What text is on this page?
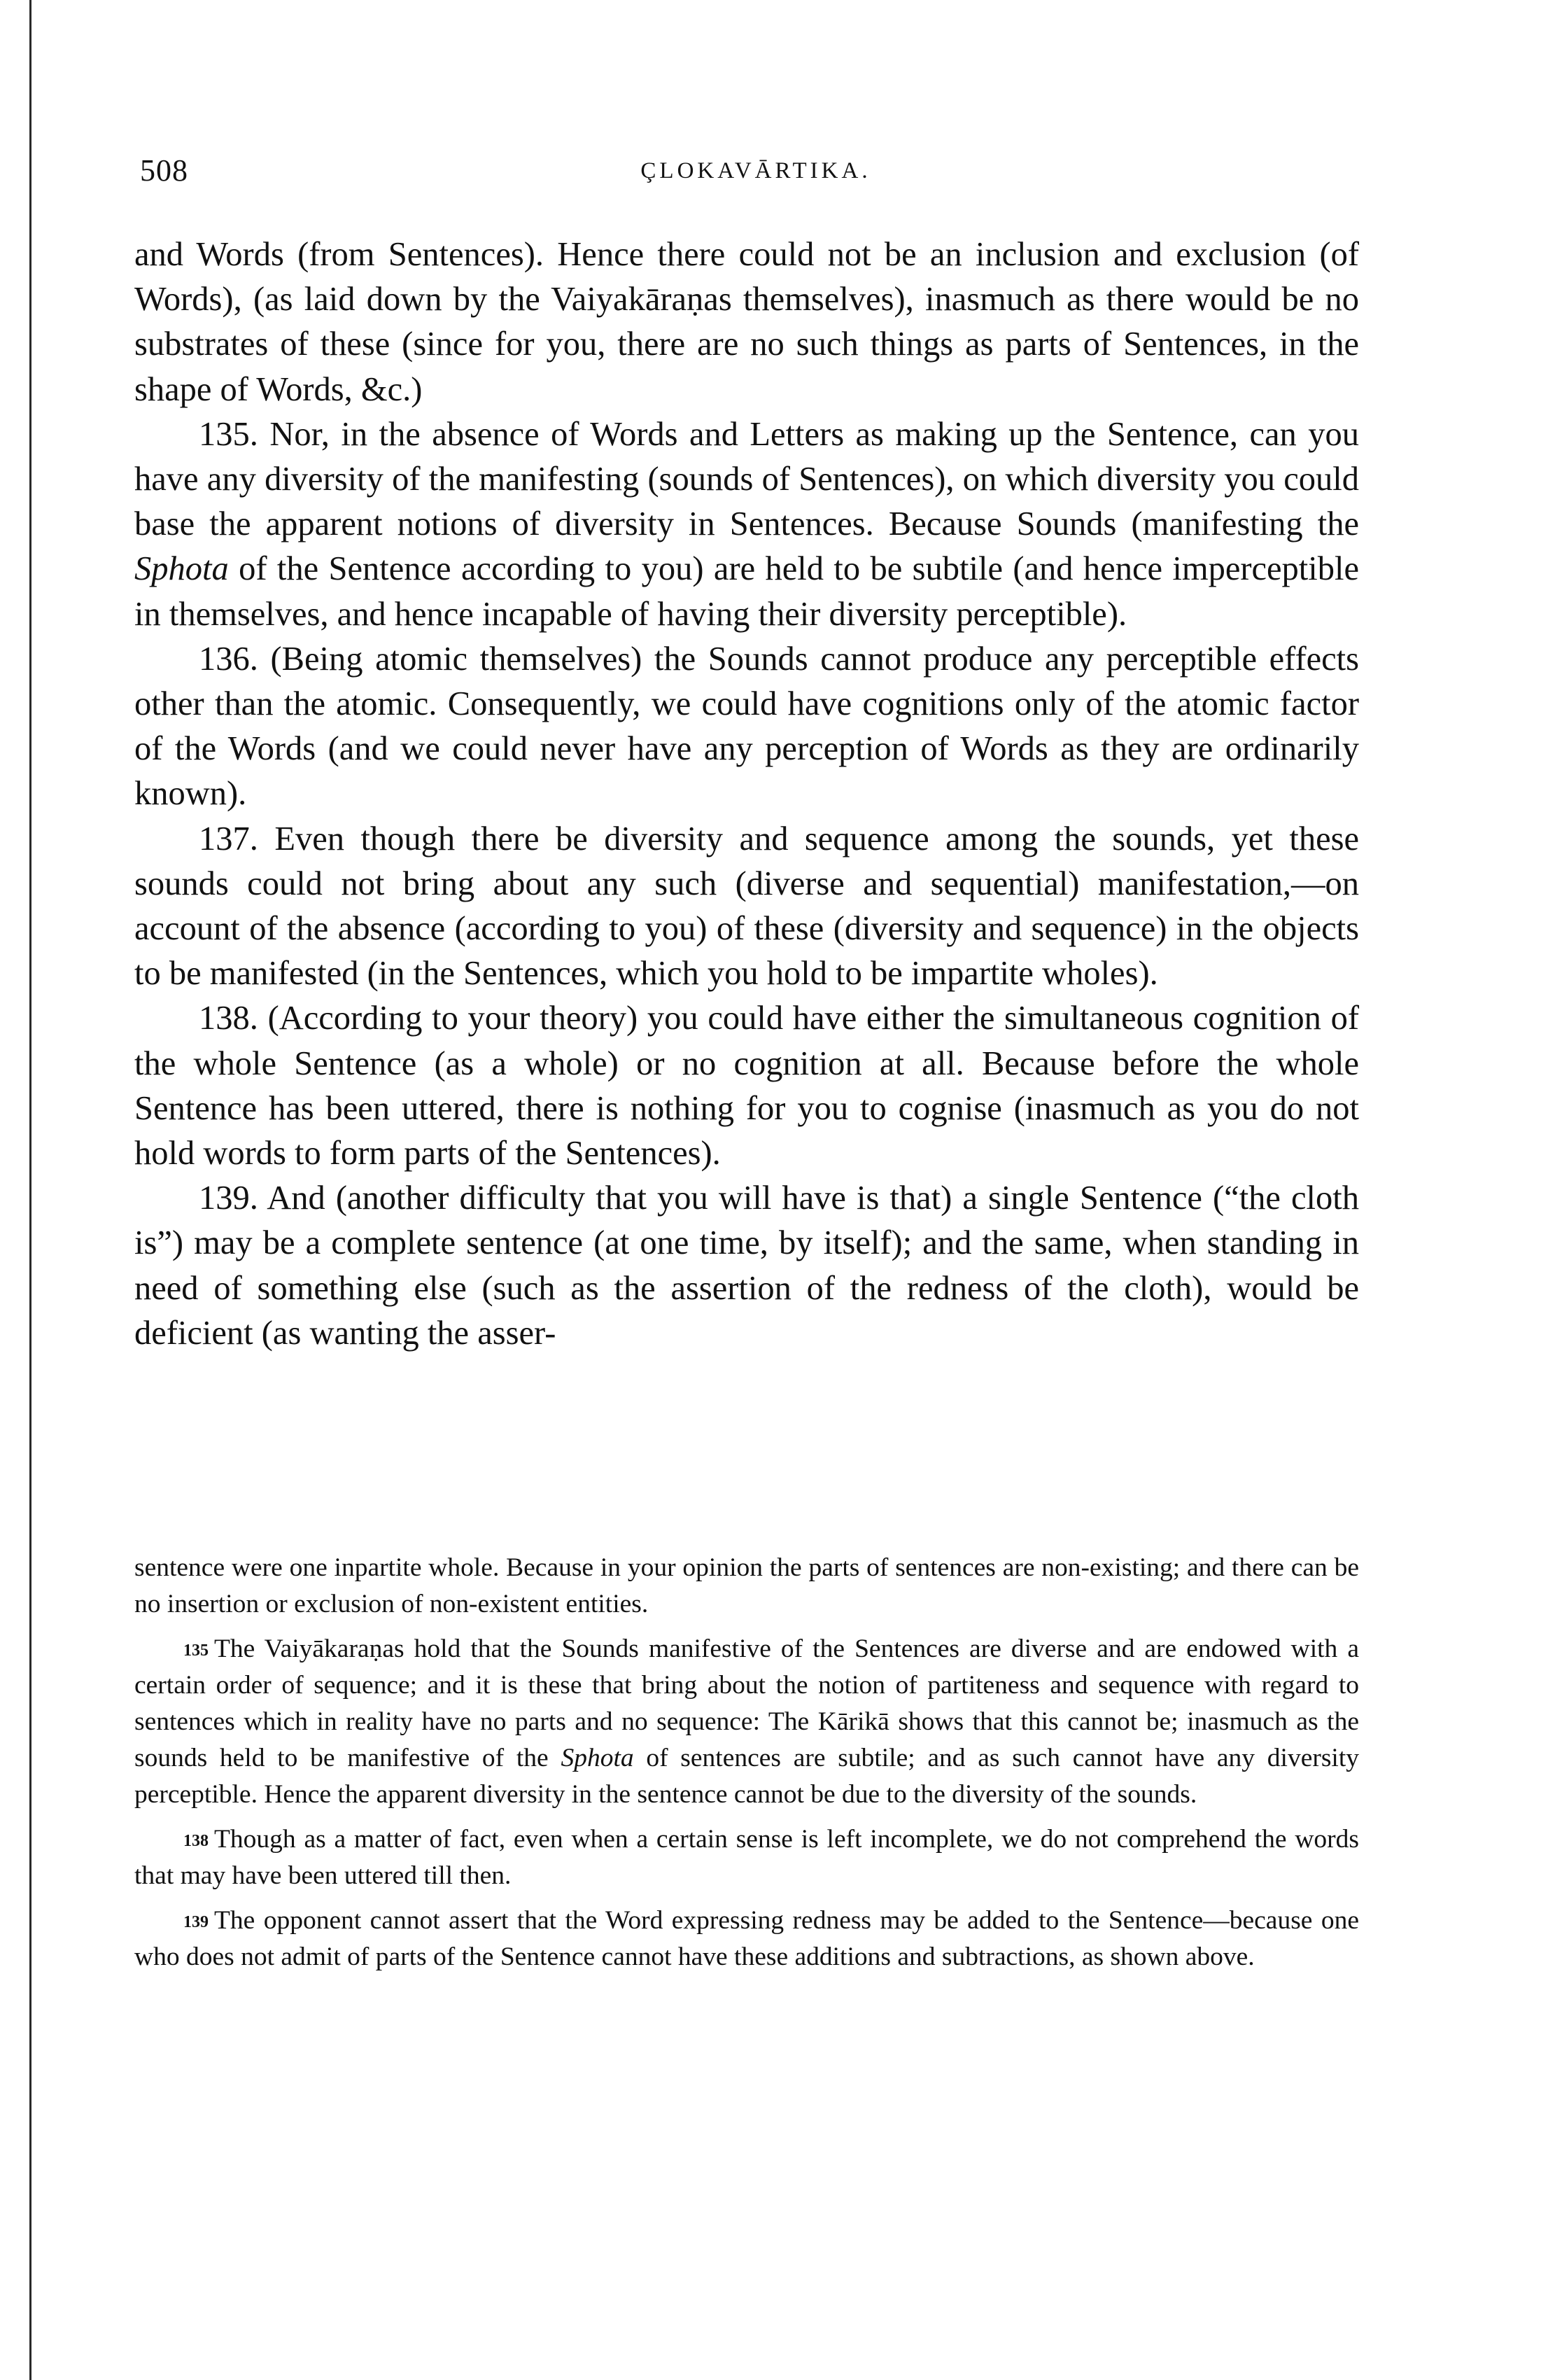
508	ÇLOKAVĀRTIKA.

and Words (from Sentences). Hence there could not be an inclusion and exclusion (of Words), (as laid down by the Vaiyakāraṇas themselves), inasmuch as there would be no substrates of these (since for you, there are no such things as parts of Sentences, in the shape of Words, &c.)

135. Nor, in the absence of Words and Letters as making up the Sentence, can you have any diversity of the manifesting (sounds of Sentences), on which diversity you could base the apparent notions of diversity in Sentences. Because Sounds (manifesting the Sphota of the Sentence according to you) are held to be subtile (and hence imperceptible in themselves, and hence incapable of having their diversity perceptible).

136. (Being atomic themselves) the Sounds cannot produce any perceptible effects other than the atomic. Consequently, we could have cognitions only of the atomic factor of the Words (and we could never have any perception of Words as they are ordinarily known).

137. Even though there be diversity and sequence among the sounds, yet these sounds could not bring about any such (diverse and sequential) manifestation,—on account of the absence (according to you) of these (diversity and sequence) in the objects to be manifested (in the Sentences, which you hold to be impartite wholes).

138. (According to your theory) you could have either the simultaneous cognition of the whole Sentence (as a whole) or no cognition at all. Because before the whole Sentence has been uttered, there is nothing for you to cognise (inasmuch as you do not hold words to form parts of the Sentences).

139. And (another difficulty that you will have is that) a single Sentence (“the cloth is”) may be a complete sentence (at one time, by itself); and the same, when standing in need of something else (such as the assertion of the redness of the cloth), would be deficient (as wanting the asser-

sentence were one inpartite whole. Because in your opinion the parts of sentences are non-existing; and there can be no insertion or exclusion of non-existent entities.

$^{135}$ The Vaiyākaraṇas hold that the Sounds manifestive of the Sentences are diverse and are endowed with a certain order of sequence; and it is these that bring about the notion of partiteness and sequence with regard to sentences which in reality have no parts and no sequence: The Kārikā shows that this cannot be; inasmuch as the sounds held to be manifestive of the Sphota of sentences are subtile; and as such cannot have any diversity perceptible. Hence the apparent diversity in the sentence cannot be due to the diversity of the sounds.

$^{138}$ Though as a matter of fact, even when a certain sense is left incomplete, we do not comprehend the words that may have been uttered till then.

$^{139}$ The opponent cannot assert that the Word expressing redness may be added to the Sentence—because one who does not admit of parts of the Sentence cannot have these additions and subtractions, as shown above.
